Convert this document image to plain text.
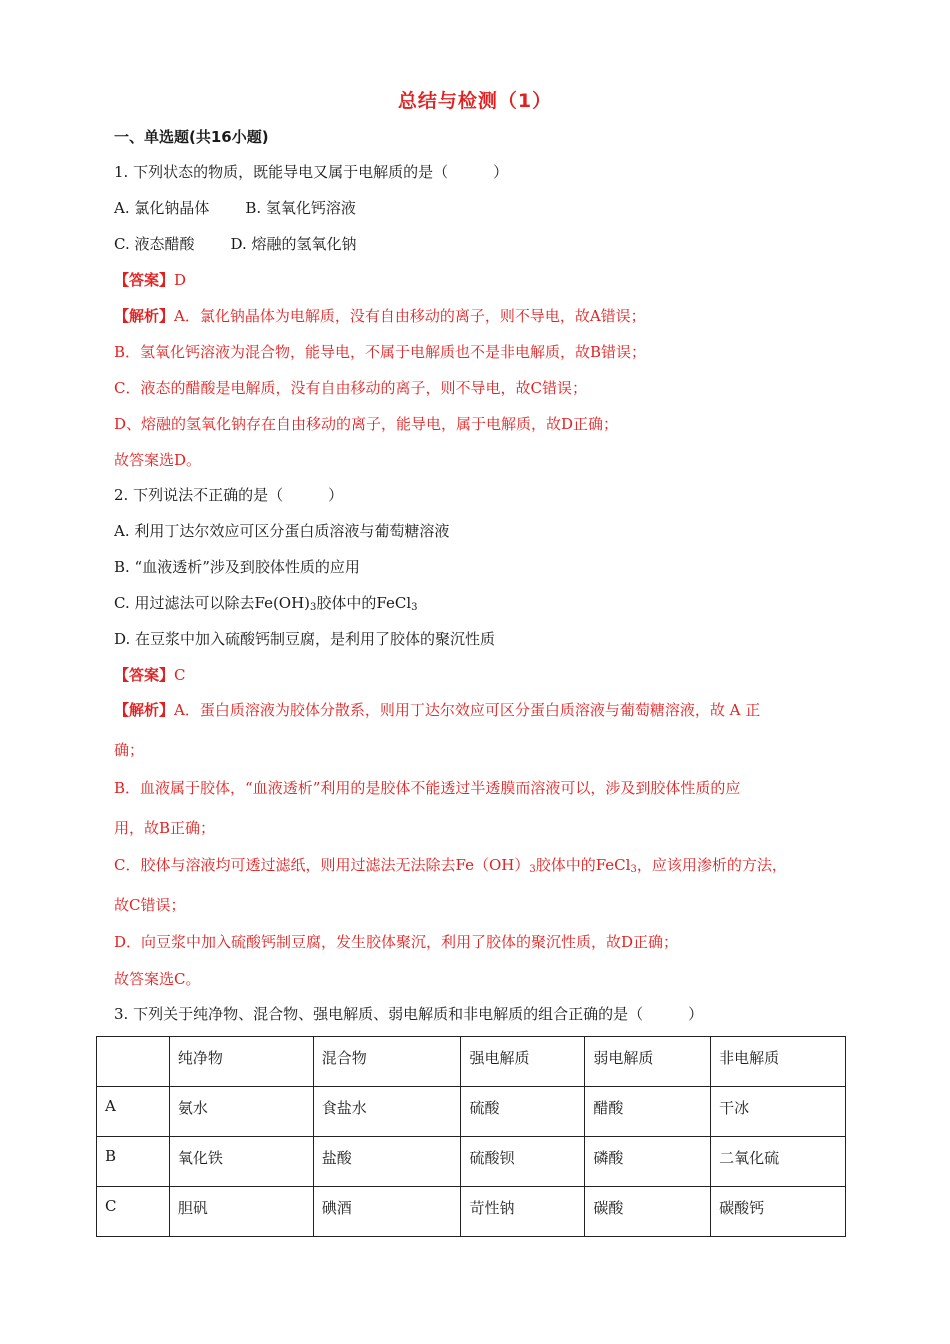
总结与检测（1）
一、单选题(共16小题)
1. 下列状态的物质，既能导电又属于电解质的是（　　　）
A. 氯化钠晶体 B. 氢氧化钙溶液
C. 液态醋酸 D. 熔融的氢氧化钠
【答案】D
【解析】A．氯化钠晶体为电解质，没有自由移动的离子，则不导电，故A错误；
B．氢氧化钙溶液为混合物，能导电，不属于电解质也不是非电解质，故B错误；
C．液态的醋酸是电解质，没有自由移动的离子，则不导电，故C错误；
D、熔融的氢氧化钠存在自由移动的离子，能导电，属于电解质，故D正确；
故答案选D。
2. 下列说法不正确的是（　　　）
A. 利用丁达尔效应可区分蛋白质溶液与葡萄糖溶液
B. “血液透析”涉及到胶体性质的应用
C. 用过滤法可以除去$Fe(OH)_3$胶体中的FeCl$_3$
D. 在豆浆中加入硫酸钙制豆腐，是利用了胶体的聚沉性质
【答案】C
【解析】A．蛋白质溶液为胶体分散系，则用丁达尔效应可区分蛋白质溶液与葡萄糖溶液，故 A 正
确；
B．血液属于胶体，“血液透析”利用的是胶体不能透过半透膜而溶液可以，涉及到胶体性质的应
用，故B正确；
C．胶体与溶液均可透过滤纸，则用过滤法无法除去$Fe(OH)_3$胶体中的FeCl$_3$，应该用渗析的方法，
故C错误；
D．向豆浆中加入硫酸钙制豆腐，发生胶体聚沉，利用了胶体的聚沉性质，故D正确；
故答案选C。
3. 下列关于纯净物、混合物、强电解质、弱电解质和非电解质的组合正确的是（　　　）
	纯净物	混合物	强电解质	弱电解质	非电解质
A	氨水	食盐水	硫酸	醋酸	干冰
B	氧化铁	盐酸	硫酸钡	磷酸	二氧化硫
C	胆矾	碘酒	苛性钠	碳酸	碳酸钙
